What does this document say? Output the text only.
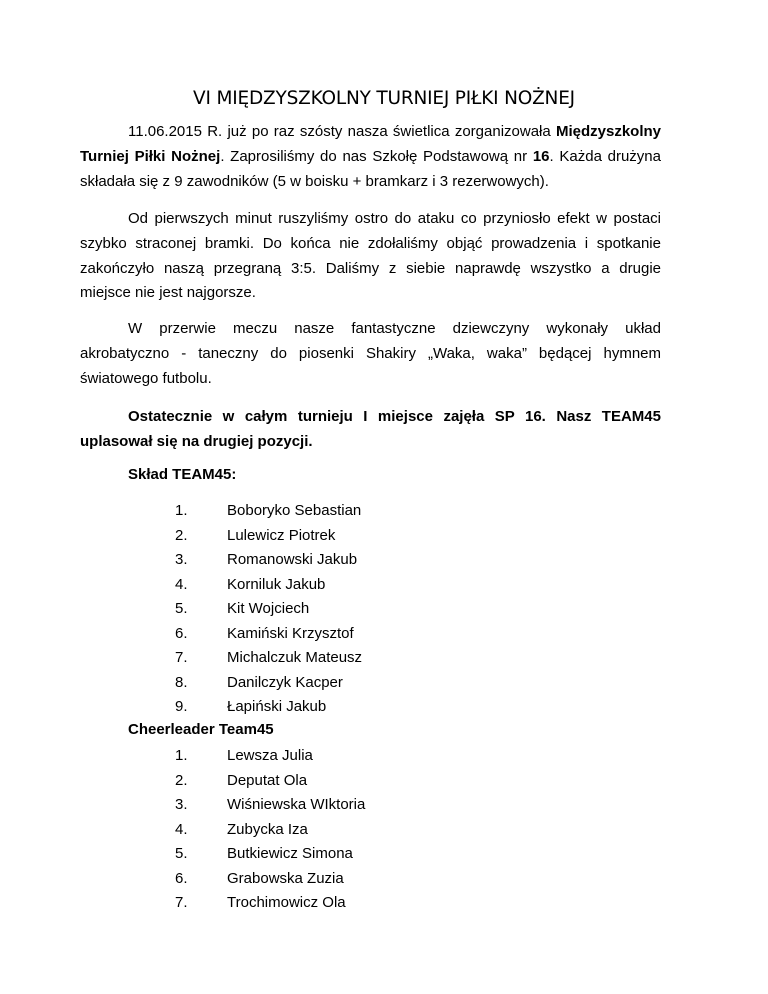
VI MIĘDZYSZKOLNY TURNIEJ PIŁKI NOŻNEJ
11.06.2015 R. już po raz szósty nasza świetlica zorganizowała Międzyszkolny
Turniej Piłki Nożnej. Zaprosiliśmy do nas Szkołę Podstawową nr 16. Każda drużyna
składała się z 9 zawodników (5 w boisku + bramkarz i 3 rezerwowych).
Od pierwszych minut ruszyliśmy ostro do ataku co przyniosło efekt w postaci
szybko straconej bramki. Do końca nie zdołaliśmy objąć prowadzenia i spotkanie
zakończyło naszą przegraną 3:5. Daliśmy z siebie naprawdę wszystko a drugie
miejsce nie jest najgorsze.
W przerwie meczu nasze fantastyczne dziewczyny wykonały układ
akrobatyczno - taneczny do piosenki Shakiry „Waka, waka” będącej hymnem
światowego futbolu.
Ostatecznie w całym turnieju I miejsce zajęła SP 16. Nasz TEAM45
uplasował się na drugiej pozycji.
Skład TEAM45:
1.	Boboryko Sebastian
2.	Lulewicz Piotrek
3.	Romanowski Jakub
4.	Korniluk Jakub
5.	Kit Wojciech
6.	Kamiński Krzysztof
7.	Michalczuk Mateusz
8.	Danilczyk Kacper
9.	Łapiński Jakub
Cheerleader Team45
1.	Lewsza Julia
2.	Deputat Ola
3.	Wiśniewska WIktoria
4.	Zubycka Iza
5.	Butkiewicz Simona
6.	Grabowska Zuzia
7.	Trochimowicz Ola
